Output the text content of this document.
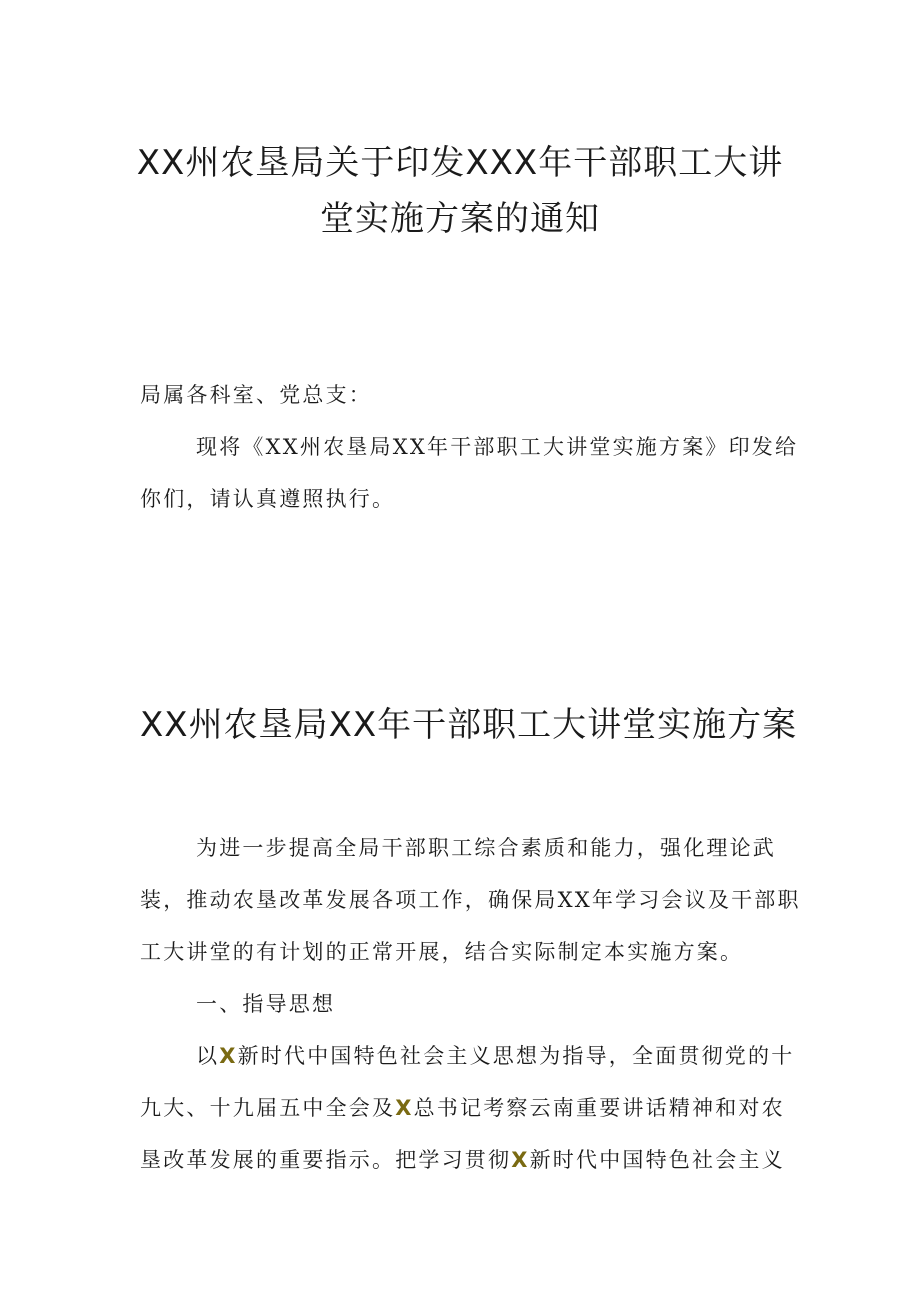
XX州农垦局关于印发XXX年干部职工大讲
堂实施方案的通知
局属各科室、党总支：
现将《XX州农垦局XX年干部职工大讲堂实施方案》印发给
你们，请认真遵照执行。
XX州农垦局XX年干部职工大讲堂实施方案
为进一步提高全局干部职工综合素质和能力，强化理论武
装，推动农垦改革发展各项工作，确保局XX年学习会议及干部职
工大讲堂的有计划的正常开展，结合实际制定本实施方案。
一、指导思想
以X新时代中国特色社会主义思想为指导，全面贯彻党的十
九大、十九届五中全会及X总书记考察云南重要讲话精神和对农
垦改革发展的重要指示。把学习贯彻X新时代中国特色社会主义
